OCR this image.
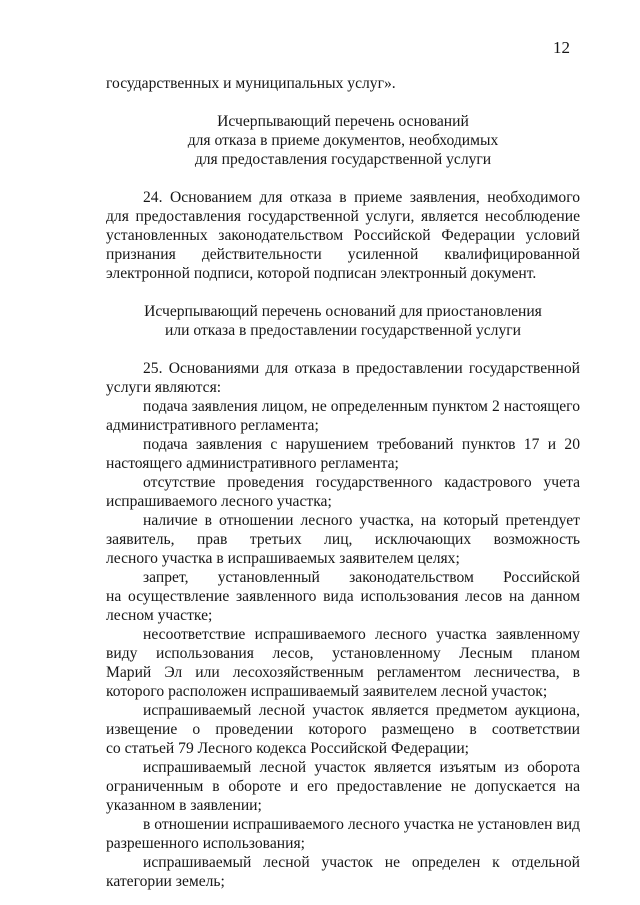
12
государственных и муниципальных услуг».
Исчерпывающий перечень оснований
для отказа в приеме документов, необходимых
для предоставления государственной услуги
24. Основанием для отказа в приеме заявления, необходимого
для предоставления государственной услуги, является несоблюдение
установленных законодательством Российской Федерации условий
признания действительности усиленной квалифицированной
электронной подписи, которой подписан электронный документ.
Исчерпывающий перечень оснований для приостановления
или отказа в предоставлении государственной услуги
25. Основаниями для отказа в предоставлении государственной
услуги являются:
подача заявления лицом, не определенным пунктом 2 настоящего
административного регламента;
подача заявления с нарушением требований пунктов 17 и 20
настоящего административного регламента;
отсутствие проведения государственного кадастрового учета
испрашиваемого лесного участка;
наличие в отношении лесного участка, на который претендует
заявитель, прав третьих лиц, исключающих возможность
лесного участка в испрашиваемых заявителем целях;
запрет, установленный законодательством Российской
на осуществление заявленного вида использования лесов на данном
лесном участке;
несоответствие испрашиваемого лесного участка заявленному
виду использования лесов, установленному Лесным планом
Марий Эл или лесохозяйственным регламентом лесничества, в
которого расположен испрашиваемый заявителем лесной участок;
испрашиваемый лесной участок является предметом аукциона,
извещение о проведении которого размещено в соответствии
со статьей 79 Лесного кодекса Российской Федерации;
испрашиваемый лесной участок является изъятым из оборота
ограниченным в обороте и его предоставление не допускается на
указанном в заявлении;
в отношении испрашиваемого лесного участка не установлен вид
разрешенного использования;
испрашиваемый лесной участок не определен к отдельной
категории земель;
